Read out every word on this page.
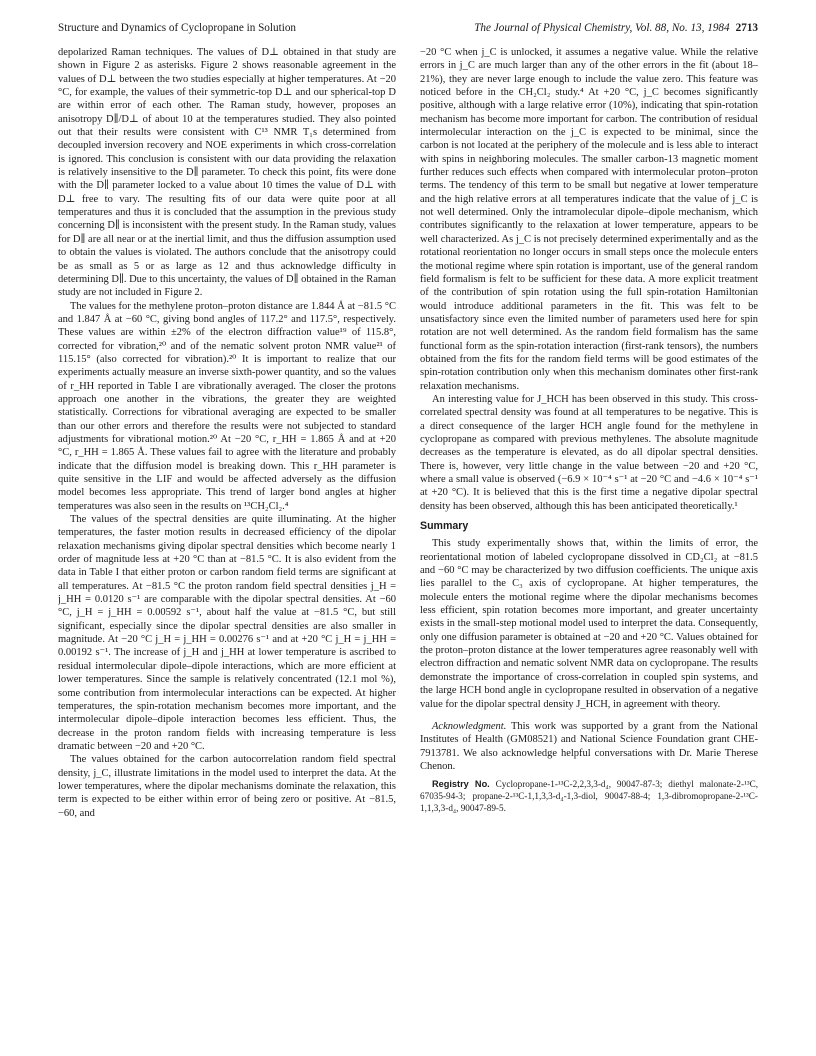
Structure and Dynamics of Cyclopropane in Solution	The Journal of Physical Chemistry, Vol. 88, No. 13, 1984 2713

depolarized Raman techniques. The values of D⊥ obtained in that study are shown in Figure 2 as asterisks. Figure 2 shows reasonable agreement in the values of D⊥ between the two studies especially at higher temperatures. At −20 °C, for example, the values of their symmetric-top D⊥ and our spherical-top D are within error of each other. The Raman study, however, proposes an anisotropy D∥/D⊥ of about 10 at the temperatures studied. They also pointed out that their results were consistent with C¹³ NMR T₁s determined from decoupled inversion recovery and NOE experiments in which cross-correlation is ignored. This conclusion is consistent with our data providing the relaxation is relatively insensitive to the D∥ parameter. To check this point, fits were done with the D∥ parameter locked to a value about 10 times the value of D⊥ with D⊥ free to vary. The resulting fits of our data were quite poor at all temperatures and thus it is concluded that the assumption in the previous study concerning D∥ is inconsistent with the present study. In the Raman study, values for D∥ are all near or at the inertial limit, and thus the diffusion assumption used to obtain the values is violated. The authors conclude that the anisotropy could be as small as 5 or as large as 12 and thus acknowledge difficulty in determining D∥. Due to this uncertainty, the values of D∥ obtained in the Raman study are not included in Figure 2.

The values for the methylene proton–proton distance are 1.844 Å at −81.5 °C and 1.847 Å at −60 °C, giving bond angles of 117.2° and 117.5°, respectively. These values are within ±2% of the electron diffraction value¹⁹ of 115.8°, corrected for vibration,²⁰ and of the nematic solvent proton NMR value²¹ of 115.15° (also corrected for vibration).²⁰ It is important to realize that our experiments actually measure an inverse sixth-power quantity, and so the values of r_HH reported in Table I are vibrationally averaged. The closer the protons approach one another in the vibrations, the greater they are weighted statistically. Corrections for vibrational averaging are expected to be smaller than our other errors and therefore the results were not subjected to standard adjustments for vibrational motion.²⁰ At −20 °C, r_HH = 1.865 Å and at +20 °C, r_HH = 1.865 Å. These values fail to agree with the literature and probably indicate that the diffusion model is breaking down. This r_HH parameter is quite sensitive in the LIF and would be affected adversely as the diffusion model becomes less appropriate. This trend of larger bond angles at higher temperatures was also seen in the results on ¹³CH₂Cl₂.⁴

The values of the spectral densities are quite illuminating. At the higher temperatures, the faster motion results in decreased efficiency of the dipolar relaxation mechanisms giving dipolar spectral densities which become nearly 1 order of magnitude less at +20 °C than at −81.5 °C. It is also evident from the data in Table I that either proton or carbon random field terms are significant at all temperatures. At −81.5 °C the proton random field spectral densities j_H = j_HH = 0.0120 s⁻¹ are comparable with the dipolar spectral densities. At −60 °C, j_H = j_HH = 0.00592 s⁻¹, about half the value at −81.5 °C, but still significant, especially since the dipolar spectral densities are also smaller in magnitude. At −20 °C j_H = j_HH = 0.00276 s⁻¹ and at +20 °C j_H = j_HH = 0.00192 s⁻¹. The increase of j_H and j_HH at lower temperature is ascribed to residual intermolecular dipole–dipole interactions, which are more efficient at lower temperatures. Since the sample is relatively concentrated (12.1 mol %), some contribution from intermolecular interactions can be expected. At higher temperatures, the spin-rotation mechanism becomes more important, and the intermolecular dipole–dipole interaction becomes less efficient. Thus, the decrease in the proton random fields with increasing temperature is less dramatic between −20 and +20 °C.

The values obtained for the carbon autocorrelation random field spectral density, j_C, illustrate limitations in the model used to interpret the data. At the lower temperatures, where the dipolar mechanisms dominate the relaxation, this term is expected to be either within error of being zero or positive. At −81.5, −60, and

−20 °C when j_C is unlocked, it assumes a negative value. While the relative errors in j_C are much larger than any of the other errors in the fit (about 18–21%), they are never large enough to include the value zero. This feature was noticed before in the CH₂Cl₂ study.⁴ At +20 °C, j_C becomes significantly positive, although with a large relative error (10%), indicating that spin-rotation mechanism has become more important for carbon. The contribution of residual intermolecular interaction on the j_C is expected to be minimal, since the carbon is not located at the periphery of the molecule and is less able to interact with spins in neighboring molecules. The smaller carbon-13 magnetic moment further reduces such effects when compared with intermolecular proton–proton terms. The tendency of this term to be small but negative at lower temperature and the high relative errors at all temperatures indicate that the value of j_C is not well determined. Only the intramolecular dipole–dipole mechanism, which contributes significantly to the relaxation at lower temperature, appears to be well characterized. As j_C is not precisely determined experimentally and as the rotational reorientation no longer occurs in small steps once the molecule enters the motional regime where spin rotation is important, use of the general random field formalism is felt to be sufficient for these data. A more explicit treatment of the contribution of spin rotation using the full spin-rotation Hamiltonian would introduce additional parameters in the fit. This was felt to be unsatisfactory since even the limited number of parameters used here for spin rotation are not well determined. As the random field formalism has the same functional form as the spin-rotation interaction (first-rank tensors), the numbers obtained from the fits for the random field terms will be good estimates of the spin-rotation contribution only when this mechanism dominates other first-rank relaxation mechanisms.

An interesting value for J_HCH has been observed in this study. This cross-correlated spectral density was found at all temperatures to be negative. This is a direct consequence of the larger HCH angle found for the methylene in cyclopropane as compared with previous methylenes. The absolute magnitude decreases as the temperature is elevated, as do all dipolar spectral densities. There is, however, very little change in the value between −20 and +20 °C, where a small value is observed (−6.9 × 10⁻⁴ s⁻¹ at −20 °C and −4.6 × 10⁻⁴ s⁻¹ at +20 °C). It is believed that this is the first time a negative dipolar spectral density has been observed, although this has been anticipated theoretically.¹

Summary

This study experimentally shows that, within the limits of error, the reorientational motion of labeled cyclopropane dissolved in CD₂Cl₂ at −81.5 and −60 °C may be characterized by two diffusion coefficients. The unique axis lies parallel to the C₃ axis of cyclopropane. At higher temperatures, the molecule enters the motional regime where the dipolar mechanisms becomes less efficient, spin rotation becomes more important, and greater uncertainty exists in the small-step motional model used to interpret the data. Consequently, only one diffusion parameter is obtained at −20 and +20 °C. Values obtained for the proton–proton distance at the lower temperatures agree reasonably well with electron diffraction and nematic solvent NMR data on cyclopropane. The results demonstrate the importance of cross-correlation in coupled spin systems, and the large HCH bond angle in cyclopropane resulted in observation of a negative value for the dipolar spectral density J_HCH, in agreement with theory.

Acknowledgment. This work was supported by a grant from the National Institutes of Health (GM08521) and National Science Foundation grant CHE-7913781. We also acknowledge helpful conversations with Dr. Marie Therese Chenon.

Registry No. Cyclopropane-1-¹³C-2,2,3,3-d₄, 90047-87-3; diethyl malonate-2-¹³C, 67035-94-3; propane-2-¹³C-1,1,3,3-d₄-1,3-diol, 90047-88-4; 1,3-dibromopropane-2-¹³C-1,1,3,3-d₄, 90047-89-5.
